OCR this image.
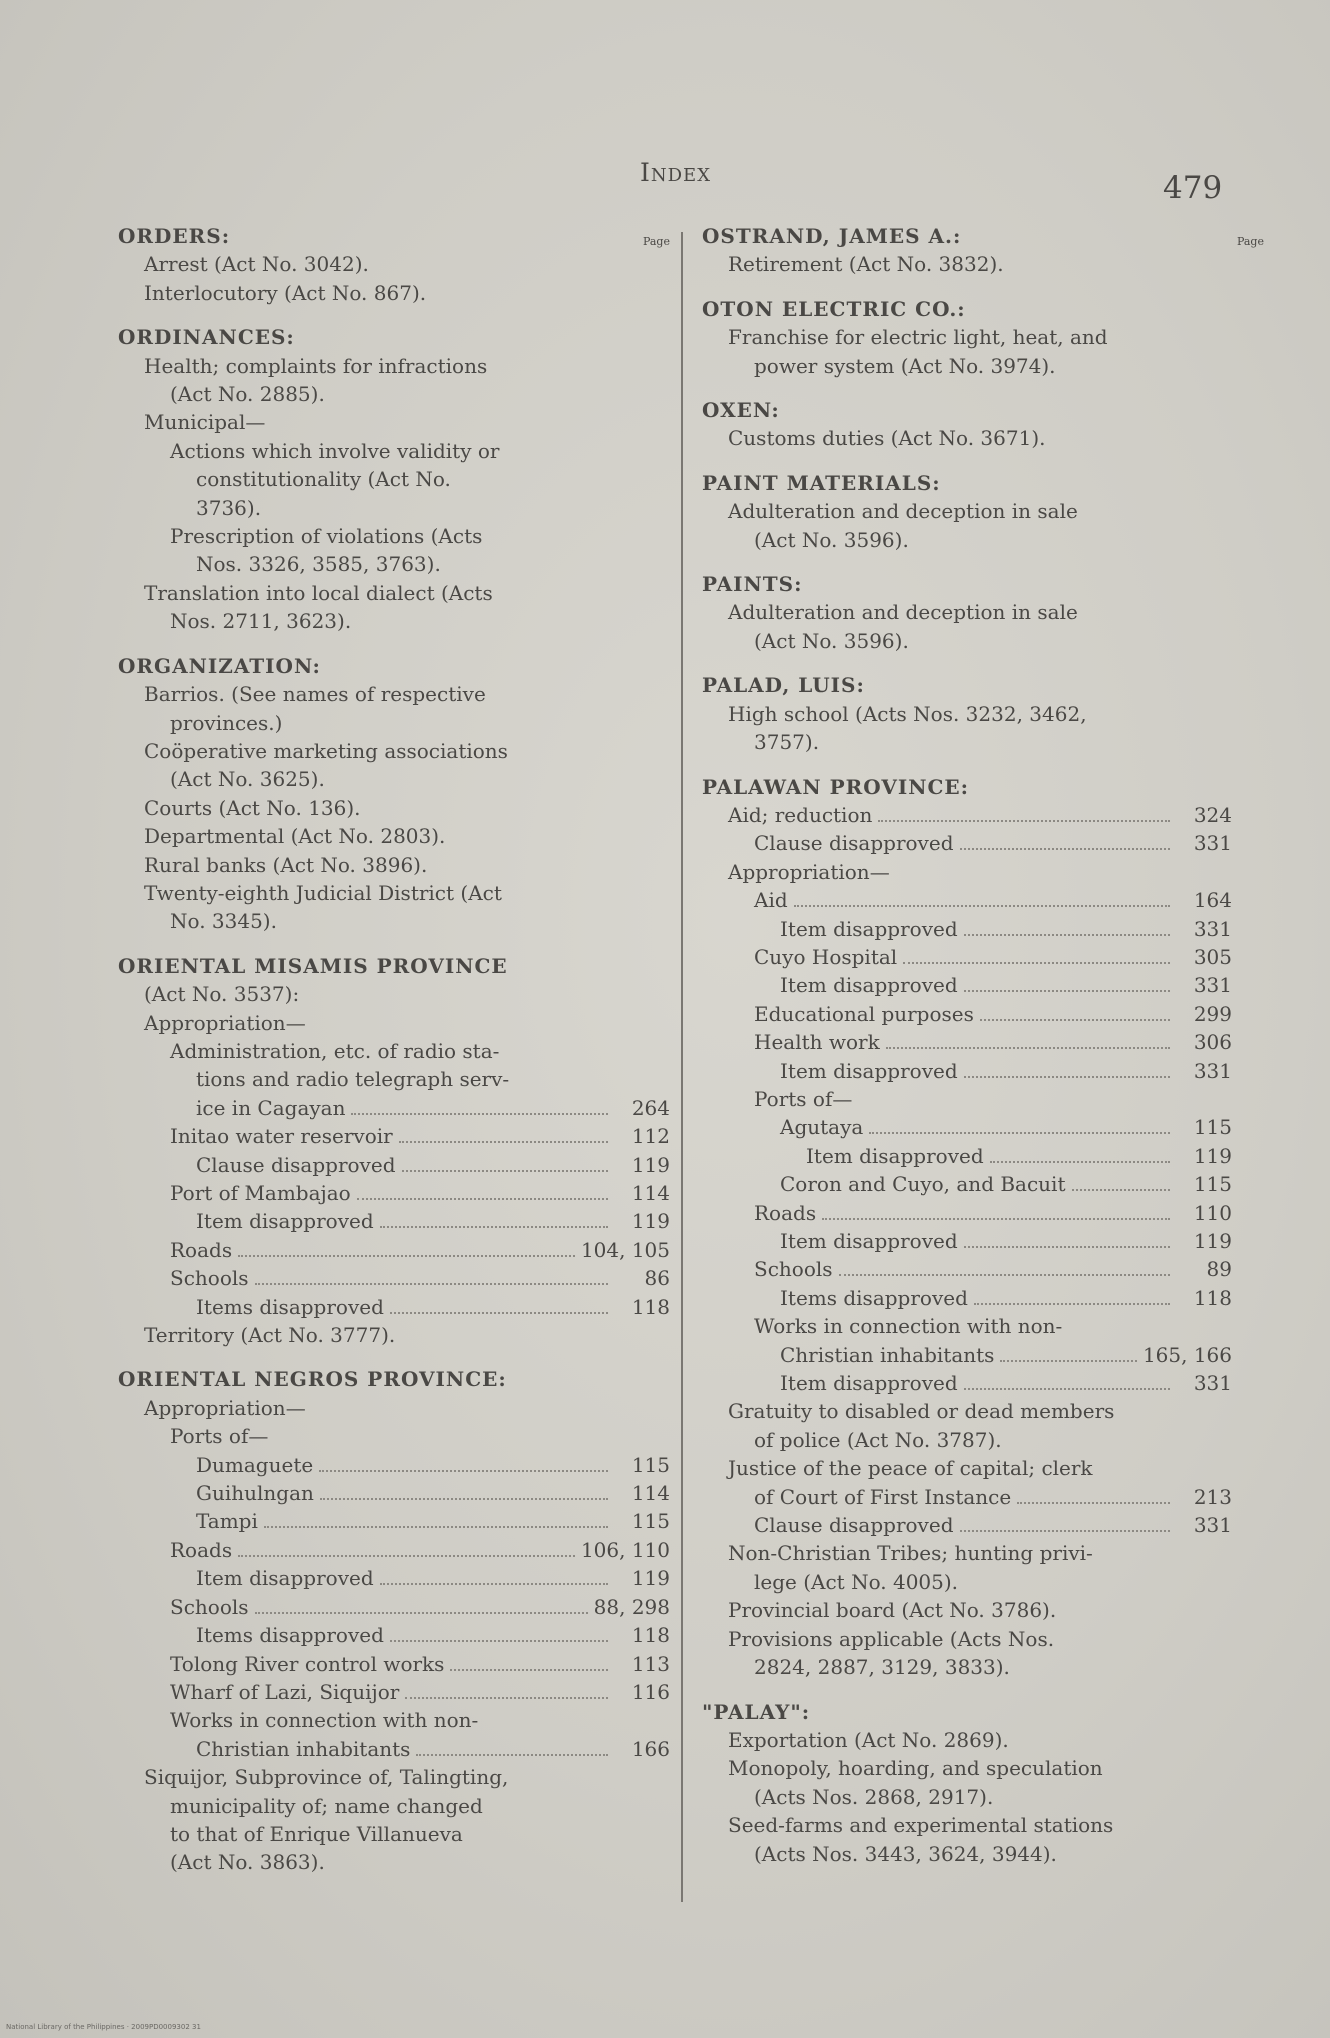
Index	479
Page
ORDERS:
Arrest (Act No. 3042).
Interlocutory (Act No. 867).
ORDINANCES:
Health; complaints for infractions
(Act No. 2885).
Municipal—
Actions which involve validity or
constitutionality (Act No.
3736).
Prescription of violations (Acts
Nos. 3326, 3585, 3763).
Translation into local dialect (Acts
Nos. 2711, 3623).
ORGANIZATION:
Barrios. (See names of respective
provinces.)
Coöperative marketing associations
(Act No. 3625).
Courts (Act No. 136).
Departmental (Act No. 2803).
Rural banks (Act No. 3896).
Twenty-eighth Judicial District (Act
No. 3345).
ORIENTAL MISAMIS PROVINCE
(Act No. 3537):
Appropriation—
Administration, etc. of radio sta-
tions and radio telegraph serv-
ice in Cagayan	264
Initao water reservoir	112
Clause disapproved	119
Port of Mambajao	114
Item disapproved	119
Roads	104, 105
Schools	86
Items disapproved	118
Territory (Act No. 3777).
ORIENTAL NEGROS PROVINCE:
Appropriation—
Ports of—
Dumaguete	115
Guihulngan	114
Tampi	115
Roads	106, 110
Item disapproved	119
Schools	88, 298
Items disapproved	118
Tolong River control works	113
Wharf of Lazi, Siquijor	116
Works in connection with non-
Christian inhabitants	166
Siquijor, Subprovince of, Talingting,
municipality of; name changed
to that of Enrique Villanueva
(Act No. 3863).
Page
OSTRAND, JAMES A.:
Retirement (Act No. 3832).
OTON ELECTRIC CO.:
Franchise for electric light, heat, and
power system (Act No. 3974).
OXEN:
Customs duties (Act No. 3671).
PAINT MATERIALS:
Adulteration and deception in sale
(Act No. 3596).
PAINTS:
Adulteration and deception in sale
(Act No. 3596).
PALAD, LUIS:
High school (Acts Nos. 3232, 3462,
3757).
PALAWAN PROVINCE:
Aid; reduction	324
Clause disapproved	331
Appropriation—
Aid	164
Item disapproved	331
Cuyo Hospital	305
Item disapproved	331
Educational purposes	299
Health work	306
Item disapproved	331
Ports of—
Agutaya	115
Item disapproved	119
Coron and Cuyo, and Bacuit	115
Roads	110
Item disapproved	119
Schools	89
Items disapproved	118
Works in connection with non-
Christian inhabitants	165, 166
Item disapproved	331
Gratuity to disabled or dead members
of police (Act No. 3787).
Justice of the peace of capital; clerk
of Court of First Instance	213
Clause disapproved	331
Non-Christian Tribes; hunting privi-
lege (Act No. 4005).
Provincial board (Act No. 3786).
Provisions applicable (Acts Nos.
2824, 2887, 3129, 3833).
"PALAY":
Exportation (Act No. 2869).
Monopoly, hoarding, and speculation
(Acts Nos. 2868, 2917).
Seed-farms and experimental stations
(Acts Nos. 3443, 3624, 3944).
National Library of the Philippines · 2009PD0009302 31
